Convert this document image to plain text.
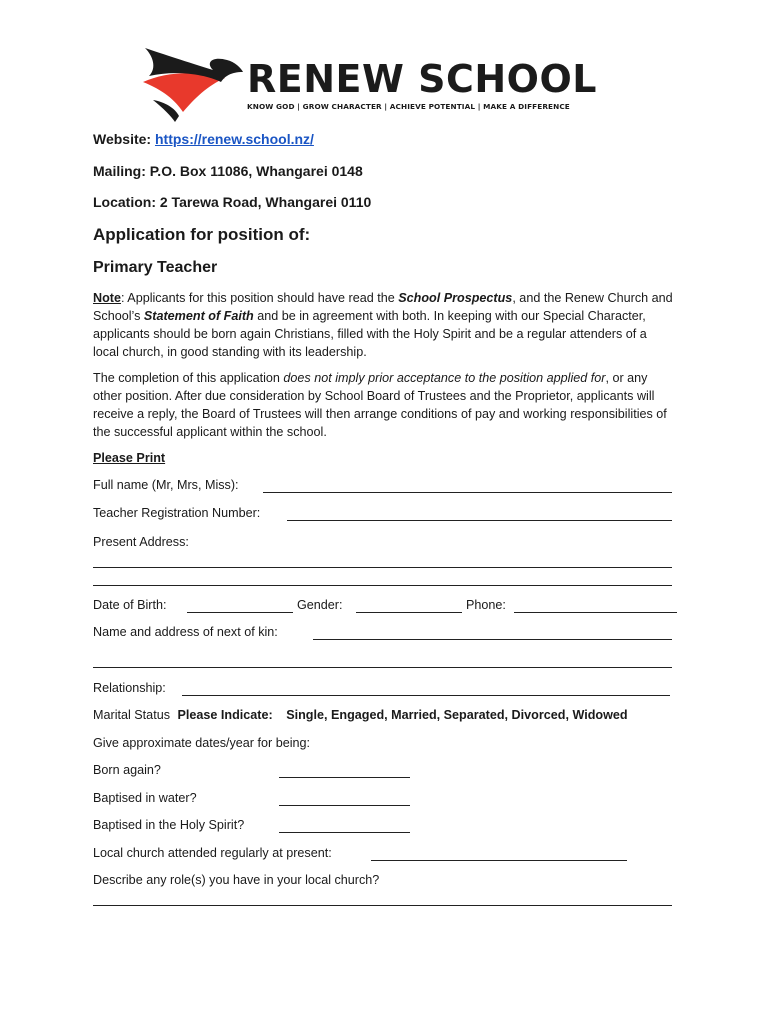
RENEW SCHOOL
KNOW GOD | GROW CHARACTER | ACHIEVE POTENTIAL | MAKE A DIFFERENCE
Website: https://renew.school.nz/
Mailing: P.O. Box 11086, Whangarei 0148
Location: 2 Tarewa Road, Whangarei 0110
Application for position of:
Primary Teacher
Note: Applicants for this position should have read the School Prospectus, and the Renew Church and School’s Statement of Faith and be in agreement with both. In keeping with our Special Character, applicants should be born again Christians, filled with the Holy Spirit and be a regular attenders of a local church, in good standing with its leadership.
The completion of this application does not imply prior acceptance to the position applied for, or any other position. After due consideration by School Board of Trustees and the Proprietor, applicants will receive a reply, the Board of Trustees will then arrange conditions of pay and working responsibilities of the successful applicant within the school.
Please Print
Full name (Mr, Mrs, Miss):
Teacher Registration Number:
Present Address:
Date of Birth:	Gender:	Phone:
Name and address of next of kin:
Relationship:
Marital Status Please Indicate: Single, Engaged, Married, Separated, Divorced, Widowed
Give approximate dates/year for being:
Born again?
Baptised in water?
Baptised in the Holy Spirit?
Local church attended regularly at present:
Describe any role(s) you have in your local church?
